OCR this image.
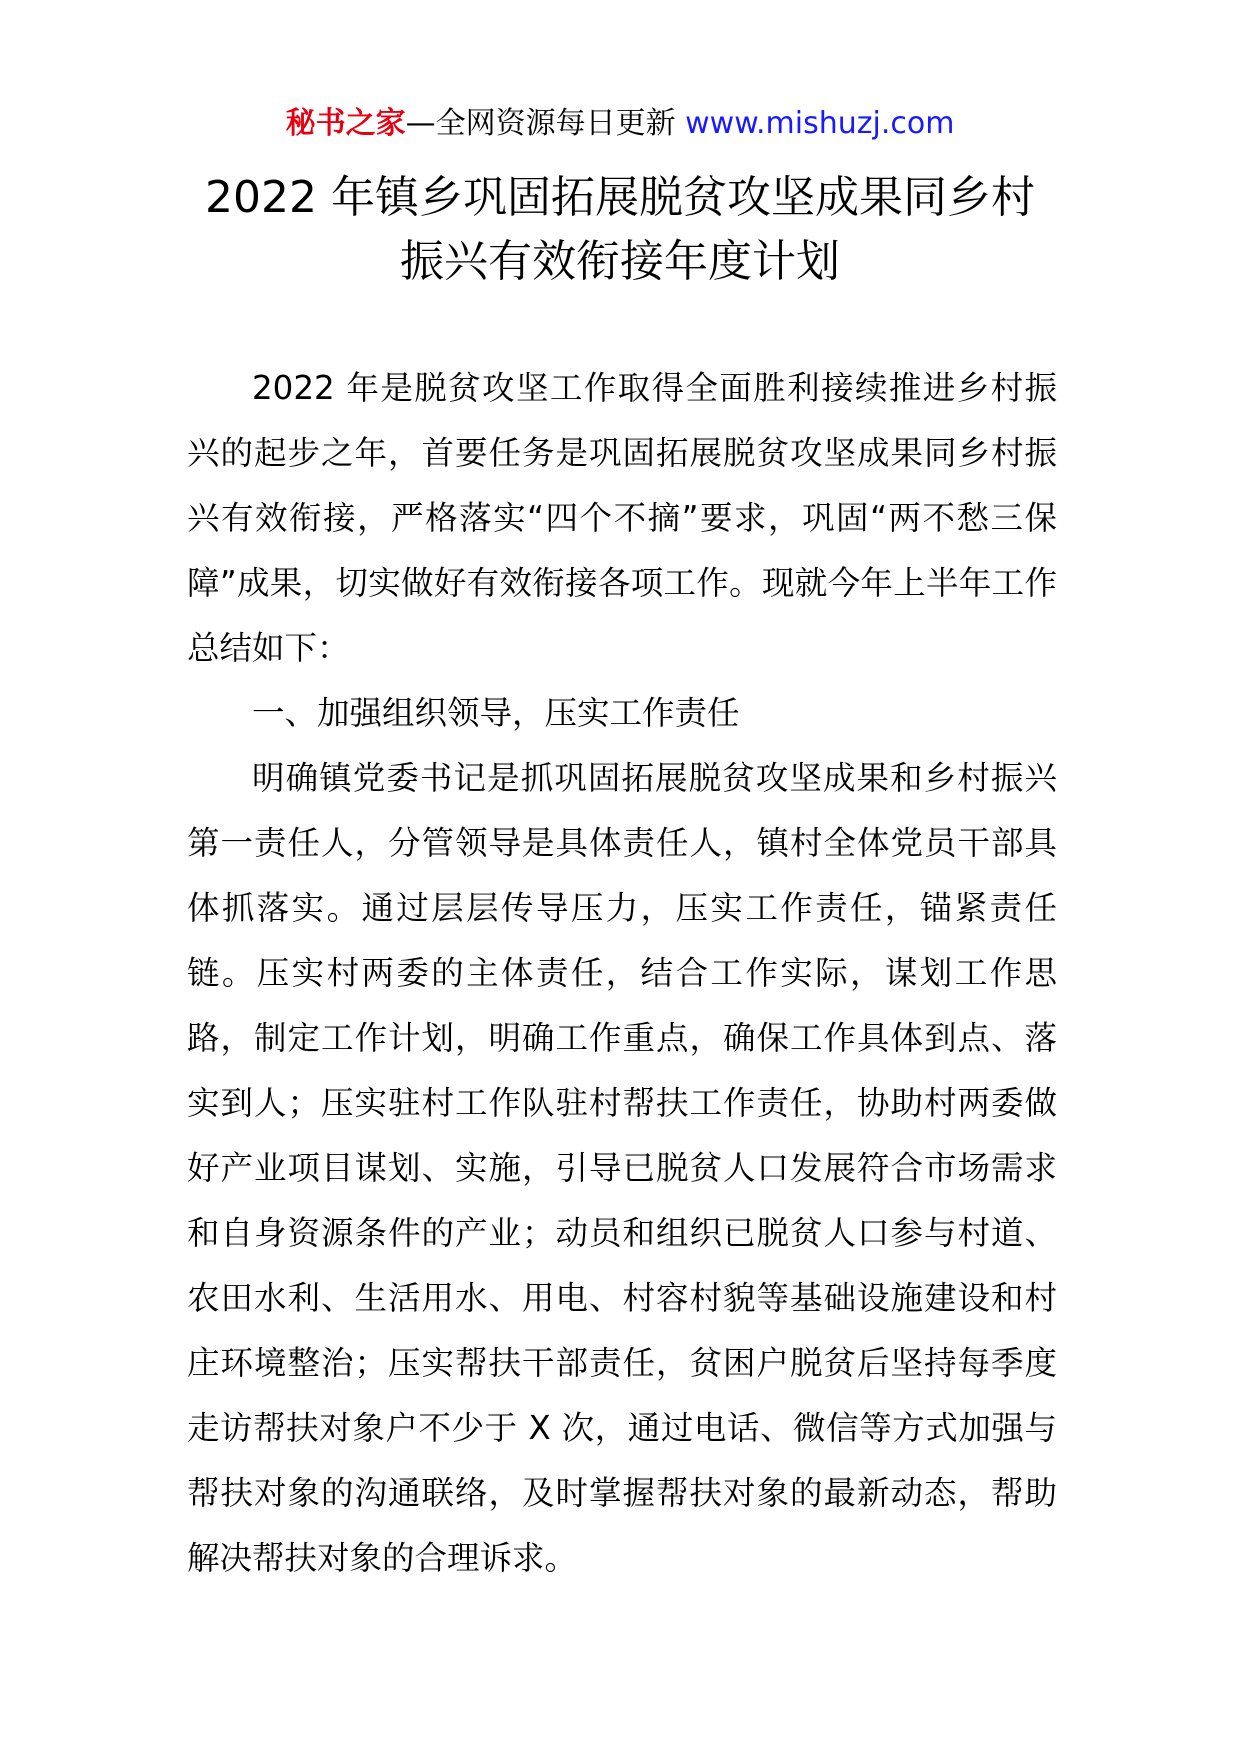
秘书之家—全网资源每日更新 www.mishuzj.com
2022 年镇乡巩固拓展脱贫攻坚成果同乡村
振兴有效衔接年度计划

2022 年是脱贫攻坚工作取得全面胜利接续推进乡村振兴的起步之年，首要任务是巩固拓展脱贫攻坚成果同乡村振兴有效衔接，严格落实“四个不摘”要求，巩固“两不愁三保障”成果，切实做好有效衔接各项工作。现就今年上半年工作总结如下：

一、加强组织领导，压实工作责任

明确镇党委书记是抓巩固拓展脱贫攻坚成果和乡村振兴第一责任人，分管领导是具体责任人，镇村全体党员干部具体抓落实。通过层层传导压力，压实工作责任，锚紧责任链。压实村两委的主体责任，结合工作实际，谋划工作思路，制定工作计划，明确工作重点，确保工作具体到点、落实到人；压实驻村工作队驻村帮扶工作责任，协助村两委做好产业项目谋划、实施，引导已脱贫人口发展符合市场需求和自身资源条件的产业；动员和组织已脱贫人口参与村道、农田水利、生活用水、用电、村容村貌等基础设施建设和村庄环境整治；压实帮扶干部责任，贫困户脱贫后坚持每季度走访帮扶对象户不少于 X 次，通过电话、微信等方式加强与帮扶对象的沟通联络，及时掌握帮扶对象的最新动态，帮助解决帮扶对象的合理诉求。
